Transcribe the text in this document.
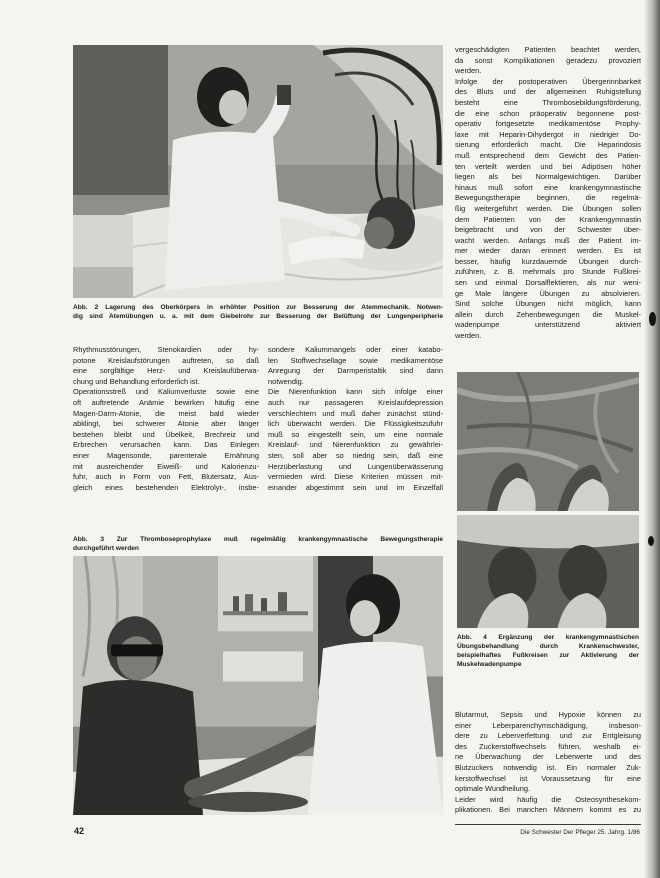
Abb. 2 Lagerung des Oberkörpers in erhöhter Position zur Besserung der Atemmechanik. Notwen-
dig sind Atemübungen u. a. mit dem Giebelrohr zur Besserung der Belüftung der Lungenperipherie
vergeschädigten Patienten beachtet werden,
da sonst Komplikationen geradezu provoziert
werden.
Infolge der postoperativen Übergerinnbarkeit
des Bluts und der allgemeinen Ruhigstellung
besteht eine Thrombosebildungsförderung,
die eine schon präoperativ begonnene post-
operativ fortgesetzte medikamentöse Prophy-
laxe mit Heparin-Dihydergot in niedriger Do-
sierung erforderlich macht. Die Heparindosis
muß entsprechend dem Gewicht des Patien-
ten verteilt werden und bei Adipösen höher
liegen als bei Normalgewichtigen. Darüber
hinaus muß sofort eine krankengymnastische
Bewegungstherapie beginnen, die regelmä-
ßig weitergeführt werden. Die Übungen sollen
dem Patienten von der Krankengymnastin
beigebracht und von der Schwester über-
wacht werden. Anfangs muß der Patient im-
mer wieder daran erinnert werden. Es ist
besser, häufig kurzdauernde Übungen durch-
zuführen, z. B. mehrmals pro Stunde Fußkrei-
sen und einmal Dorsalflektieren, als nur weni-
ge Male längere Übungen zu absolvieren.
Sind solche Übungen nicht möglich, kann
allein durch Zehenbewegungen die Muskel-
wadenpumpe unterstützend aktiviert
werden.
Rhythmusstörungen, Stenokardien oder hy-
potone Kreislaufstörungen auftreten, so daß
eine sorgfältige Herz- und Kreislaufüberwa-
chung und Behandlung erforderlich ist.
Operationsstreß und Kaliumverluste sowie eine
oft auftretende Anämie bewirken häufig eine
Magen-Darm-Atonie, die meist bald wieder
abklingt, bei schwerer Atonie aber länger
bestehen bleibt und Übelkeit, Brechreiz und
Erbrechen verursachen kann. Das Einlegen
einer Magensonde, parenterale Ernährung
mit ausreichender Eiweiß- und Kalorienzu-
fuhr, auch in Form von Fett, Blutersatz, Aus-
gleich eines bestehenden Elektrolyt-, insbe-
sondere Kaliummangels oder einer katabo-
len Stoffwechsellage sowie medikamentöse
Anregung der Darmperistaltik sind dann
notwendig.
Die Nierenfunktion kann sich infolge einer
auch nur passageren Kreislaufdepression
verschlechtern und muß daher zunächst stünd-
lich überwacht werden. Die Flüssigkeitszufuhr
muß so eingestellt sein, um eine normale
Kreislauf- und Nierenfunktion zu gewährlei-
sten, soll aber so niedrig sein, daß eine
Herzüberlastung und Lungenüberwässerung
vermieden wird. Diese Kriterien müssen mit-
einander abgestimmt sein und im Einzelfall
Abb. 4 Ergänzung der krankengymnastischen
Übungsbehandlung durch Krankenschwester,
beispielhaftes Fußkreisen zur Aktivierung der
Muskelwadenpumpe
Abb. 3 Zur Thromboseprophylaxe muß regelmäßig krankengymnastische Bewegungstherapie
durchgeführt werden
Blutarmut, Sepsis und Hypoxie können zu
einer Leberparenchymschädigung, insbeson-
dere zu Leberverfettung und zur Entgleisung
des Zuckerstoffwechsels führen, weshalb ei-
ne Überwachung der Leberwerte und des
Blutzuckers notwendig ist. Ein normaler Zuk-
kerstoffwechsel ist Voraussetzung für eine
optimale Wundheilung.
Leider wird häufig die Osteosynthesekom-
plikationen. Bei manchen Männern kommt es zu
42	Die Schwester Der Pfleger 25. Jahrg. 1/86
